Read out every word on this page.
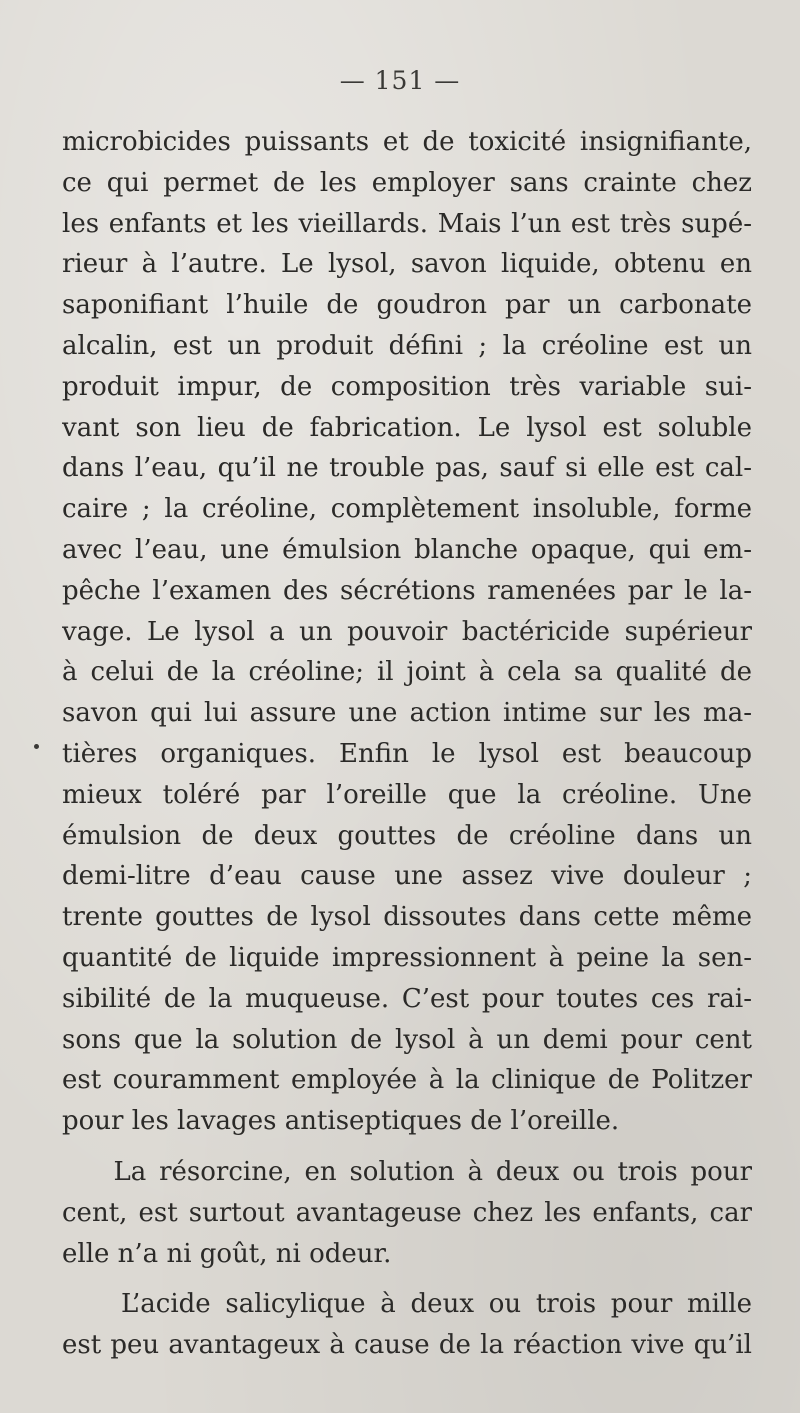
— 151 —
microbicides puissants et de toxicité insignifiante,
ce qui permet de les employer sans crainte chez
les enfants et les vieillards. Mais l’un est très supé-
rieur à l’autre. Le lysol, savon liquide, obtenu en
saponifiant l’huile de goudron par un carbonate
alcalin, est un produit défini ; la créoline est un
produit impur, de composition très variable sui-
vant son lieu de fabrication. Le lysol est soluble
dans l’eau, qu’il ne trouble pas, sauf si elle est cal-
caire ; la créoline, complètement insoluble, forme
avec l’eau, une émulsion blanche opaque, qui em-
pêche l’examen des sécrétions ramenées par le la-
vage. Le lysol a un pouvoir bactéricide supérieur
à celui de la créoline; il joint à cela sa qualité de
savon qui lui assure une action intime sur les ma-
tières organiques. Enfin le lysol est beaucoup
mieux toléré par l’oreille que la créoline. Une
émulsion de deux gouttes de créoline dans un
demi-litre d’eau cause une assez vive douleur ;
trente gouttes de lysol dissoutes dans cette même
quantité de liquide impressionnent à peine la sen-
sibilité de la muqueuse. C’est pour toutes ces rai-
sons que la solution de lysol à un demi pour cent
est couramment employée à la clinique de Politzer
pour les lavages antiseptiques de l’oreille.
La résorcine, en solution à deux ou trois pour
cent, est surtout avantageuse chez les enfants, car
elle n’a ni goût, ni odeur.
L’acide salicylique à deux ou trois pour mille
est peu avantageux à cause de la réaction vive qu’il
